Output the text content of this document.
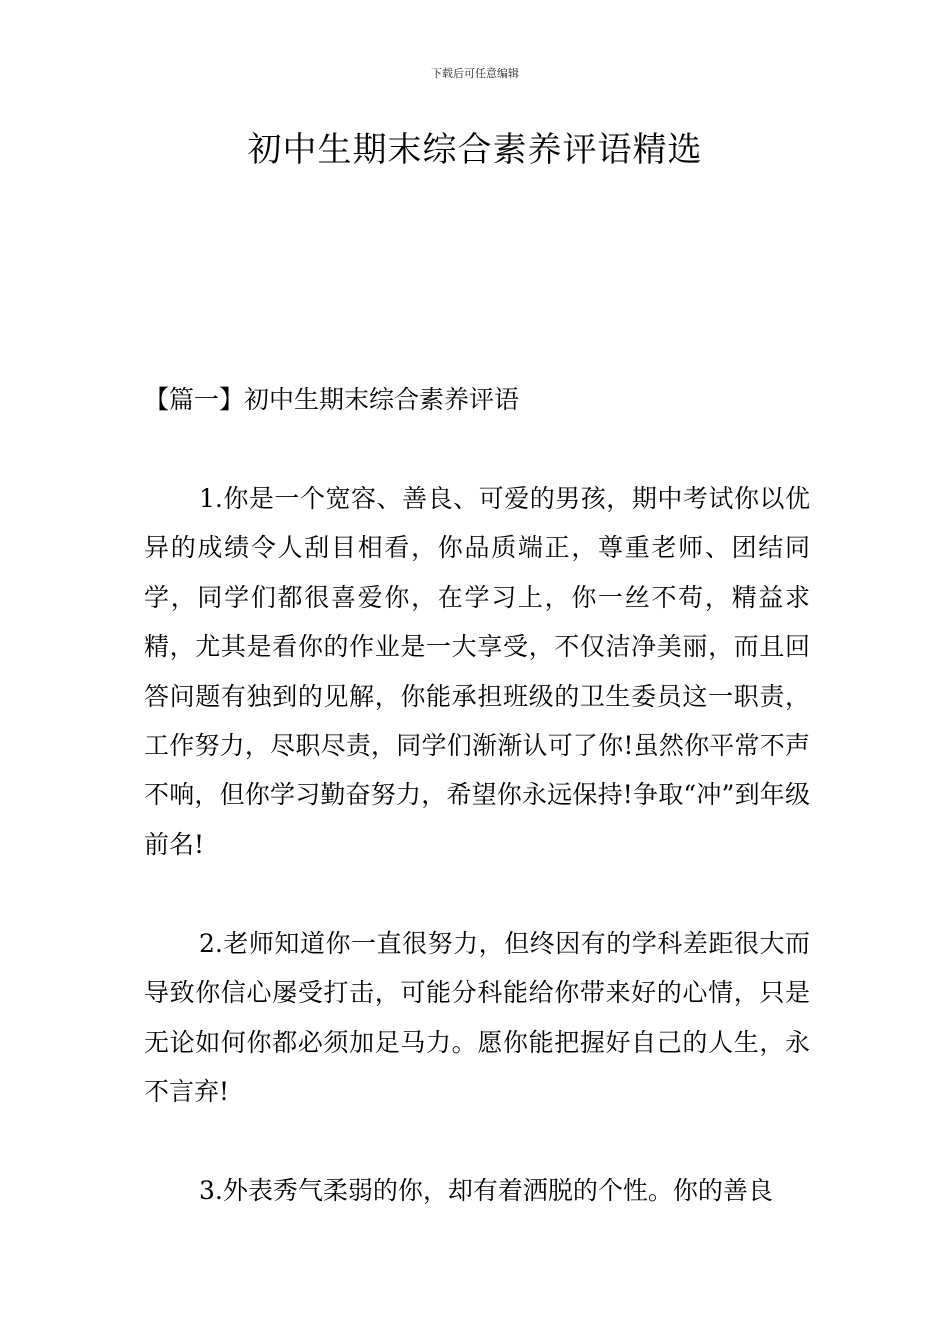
下载后可任意编辑
初中生期末综合素养评语精选
【篇一】初中生期末综合素养评语

1.你是一个宽容、善良、可爱的男孩，期中考试你以优异的成绩令人刮目相看，你品质端正，尊重老师、团结同学，同学们都很喜爱你，在学习上，你一丝不苟，精益求精，尤其是看你的作业是一大享受，不仅洁净美丽，而且回答问题有独到的见解，你能承担班级的卫生委员这一职责，工作努力，尽职尽责，同学们渐渐认可了你!虽然你平常不声不响，但你学习勤奋努力，希望你永远保持!争取“冲”到年级前名!

2.老师知道你一直很努力，但终因有的学科差距很大而导致你信心屡受打击，可能分科能给你带来好的心情，只是无论如何你都必须加足马力。愿你能把握好自己的人生，永不言弃!

3.外表秀气柔弱的你，却有着洒脱的个性。你的善良
